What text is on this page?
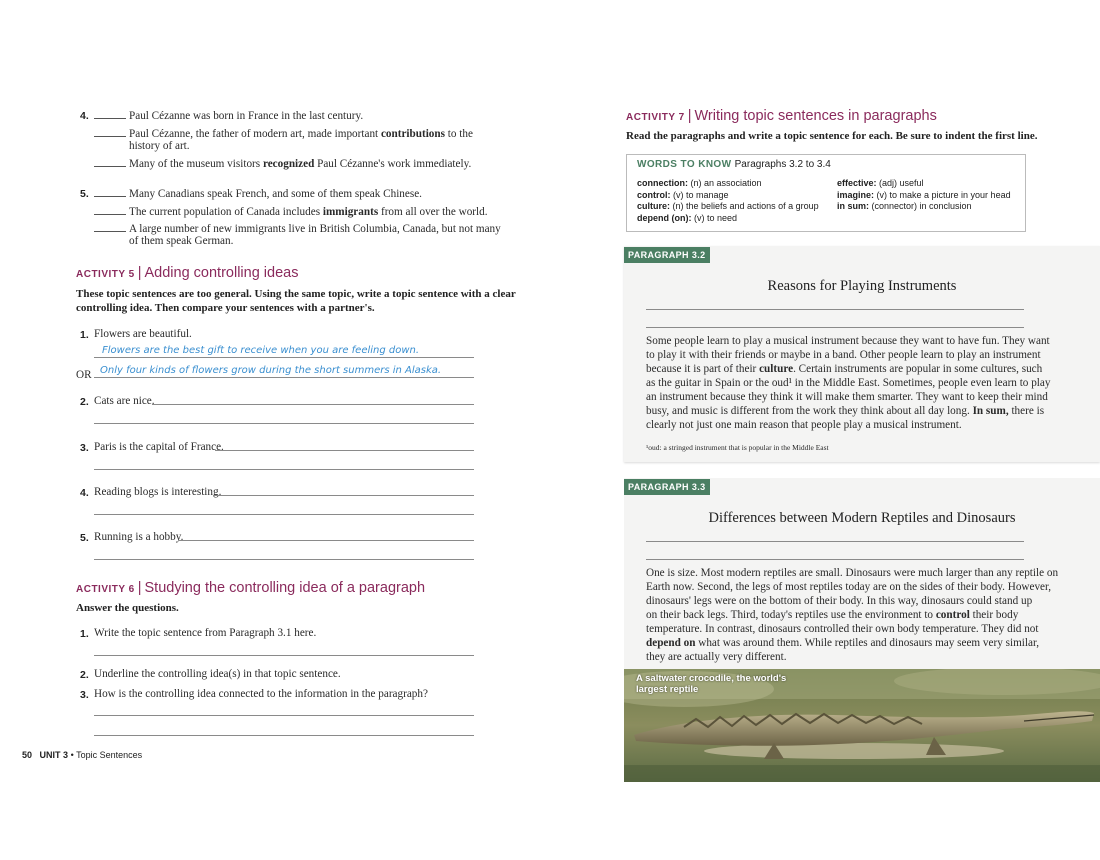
4.	Paul Cézanne was born in France in the last century.
Paul Cézanne, the father of modern art, made important contributions to the
history of art.
Many of the museum visitors recognized Paul Cézanne's work immediately.
5.	Many Canadians speak French, and some of them speak Chinese.
The current population of Canada includes immigrants from all over the world.
A large number of new immigrants live in British Columbia, Canada, but not many
of them speak German.
ACTIVITY 5 | Adding controlling ideas
These topic sentences are too general. Using the same topic, write a topic sentence with a clear
controlling idea. Then compare your sentences with a partner's.
1. Flowers are beautiful.
Flowers are the best gift to receive when you are feeling down.
OR Only four kinds of flowers grow during the short summers in Alaska.
2. Cats are nice.
3. Paris is the capital of France.
4. Reading blogs is interesting.
5. Running is a hobby.
ACTIVITY 6 | Studying the controlling idea of a paragraph
Answer the questions.
1. Write the topic sentence from Paragraph 3.1 here.
2. Underline the controlling idea(s) in that topic sentence.
3. How is the controlling idea connected to the information in the paragraph?
50 UNIT 3 • Topic Sentences
ACTIVITY 7 | Writing topic sentences in paragraphs
Read the paragraphs and write a topic sentence for each. Be sure to indent the first line.
WORDS TO KNOW Paragraphs 3.2 to 3.4
connection: (n) an association
control: (v) to manage
culture: (n) the beliefs and actions of a group
depend (on): (v) to need
effective: (adj) useful
imagine: (v) to make a picture in your head
in sum: (connector) in conclusion
PARAGRAPH 3.2
Reasons for Playing Instruments
Some people learn to play a musical instrument because they want to have fun. They want
to play it with their friends or maybe in a band. Other people learn to play an instrument
because it is part of their culture. Certain instruments are popular in some cultures, such
as the guitar in Spain or the oud¹ in the Middle East. Sometimes, people even learn to play
an instrument because they think it will make them smarter. They want to keep their mind
busy, and music is different from the work they think about all day long. In sum, there is
clearly not just one main reason that people play a musical instrument.
¹oud: a stringed instrument that is popular in the Middle East
PARAGRAPH 3.3
Differences between Modern Reptiles and Dinosaurs
One is size. Most modern reptiles are small. Dinosaurs were much larger than any reptile on
Earth now. Second, the legs of most reptiles today are on the sides of their body. However,
dinosaurs' legs were on the bottom of their body. In this way, dinosaurs could stand up
on their back legs. Third, today's reptiles use the environment to control their body
temperature. In contrast, dinosaurs controlled their own body temperature. They did not
depend on what was around them. While reptiles and dinosaurs may seem very similar,
they are actually very different.
A saltwater crocodile, the world's
largest reptile
